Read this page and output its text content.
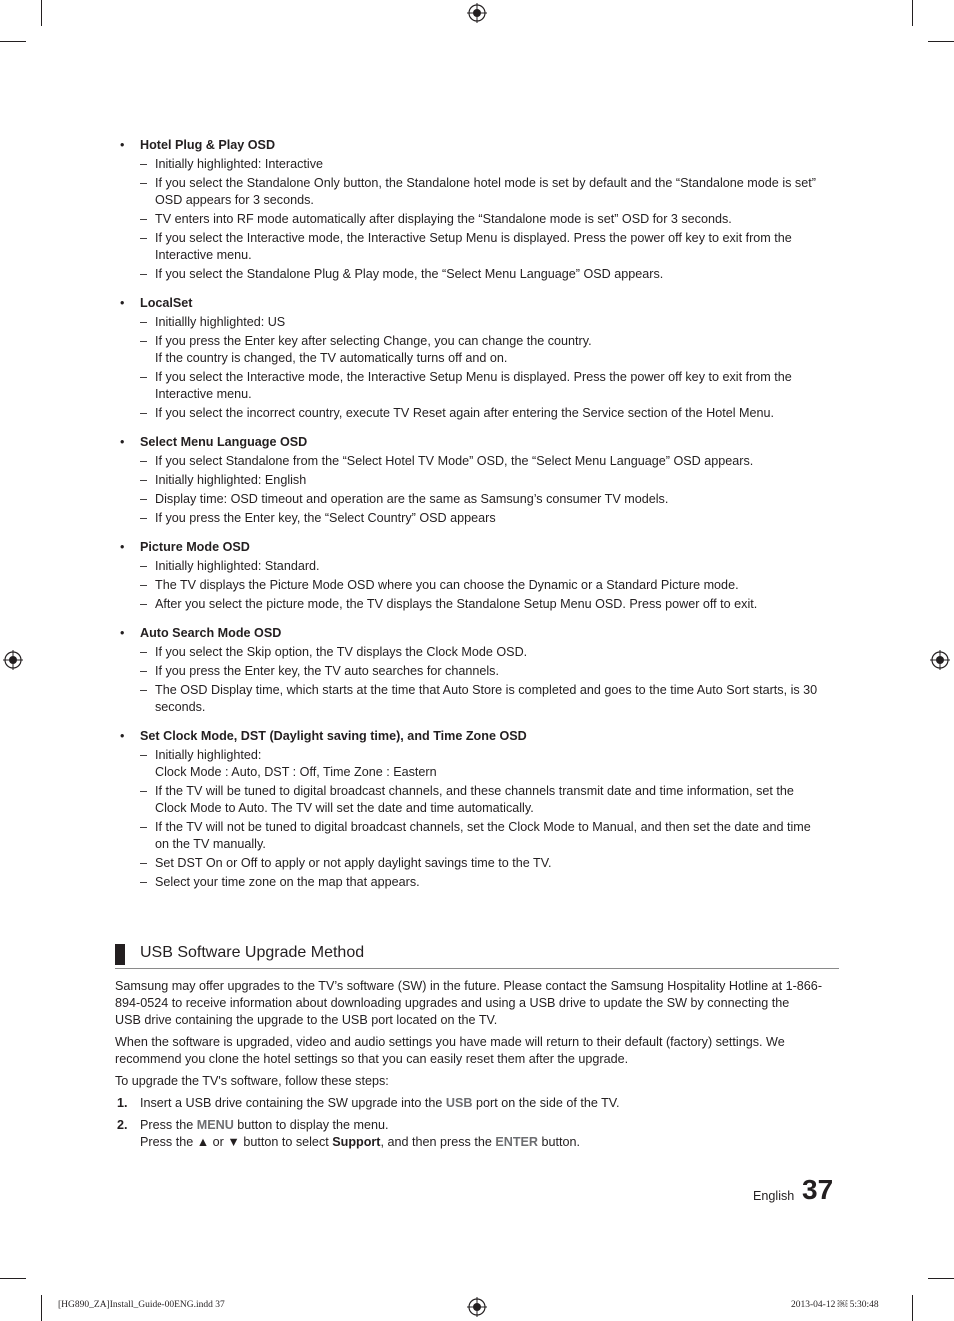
• Hotel Plug & Play OSD
– Initially highlighted: Interactive
– If you select the Standalone Only button, the Standalone hotel mode is set by default and the “Standalone mode is set”
OSD appears for 3 seconds.
– TV enters into RF mode automatically after displaying the “Standalone mode is set” OSD for 3 seconds.
– If you select the Interactive mode, the Interactive Setup Menu is displayed. Press the power off key to exit from the
Interactive menu.
– If you select the Standalone Plug & Play mode, the “Select Menu Language” OSD appears.
• LocalSet
– Initiallly highlighted: US
– If you press the Enter key after selecting Change, you can change the country.
If the country is changed, the TV automatically turns off and on.
– If you select the Interactive mode, the Interactive Setup Menu is displayed. Press the power off key to exit from the
Interactive menu.
– If you select the incorrect country, execute TV Reset again after entering the Service section of the Hotel Menu.
• Select Menu Language OSD
– If you select Standalone from the “Select Hotel TV Mode” OSD, the “Select Menu Language” OSD appears.
– Initially highlighted: English
– Display time: OSD timeout and operation are the same as Samsung’s consumer TV models.
– If you press the Enter key, the “Select Country” OSD appears
• Picture Mode OSD
– Initially highlighted: Standard.
– The TV displays the Picture Mode OSD where you can choose the Dynamic or a Standard Picture mode.
– After you select the picture mode, the TV displays the Standalone Setup Menu OSD. Press power off to exit.
• Auto Search Mode OSD
– If you select the Skip option, the TV displays the Clock Mode OSD.
– If you press the Enter key, the TV auto searches for channels.
– The OSD Display time, which starts at the time that Auto Store is completed and goes to the time Auto Sort starts, is 30
seconds.
• Set Clock Mode, DST (Daylight saving time), and Time Zone OSD
– Initially highlighted:
Clock Mode : Auto, DST : Off, Time Zone : Eastern
– If the TV will be tuned to digital broadcast channels, and these channels transmit date and time information, set the
Clock Mode to Auto. The TV will set the date and time automatically.
– If the TV will not be tuned to digital broadcast channels, set the Clock Mode to Manual, and then set the date and time
on the TV manually.
– Set DST On or Off to apply or not apply daylight savings time to the TV.
– Select your time zone on the map that appears.
USB Software Upgrade Method

Samsung may offer upgrades to the TV’s software (SW) in the future. Please contact the Samsung Hospitality Hotline at 1-866-
894-0524 to receive information about downloading upgrades and using a USB drive to update the SW by connecting the
USB drive containing the upgrade to the USB port located on the TV.

When the software is upgraded, video and audio settings you have made will return to their default (factory) settings. We
recommend you clone the hotel settings so that you can easily reset them after the upgrade.

To upgrade the TV's software, follow these steps:

1. Insert a USB drive containing the SW upgrade into the USB port on the side of the TV.
2. Press the MENU button to display the menu.
Press the ▲ or ▼ button to select Support, and then press the ENTER button.
English 37
[HG890_ZA]Install_Guide-00ENG.indd 37	2013-04-12 ￼ 5:30:48
